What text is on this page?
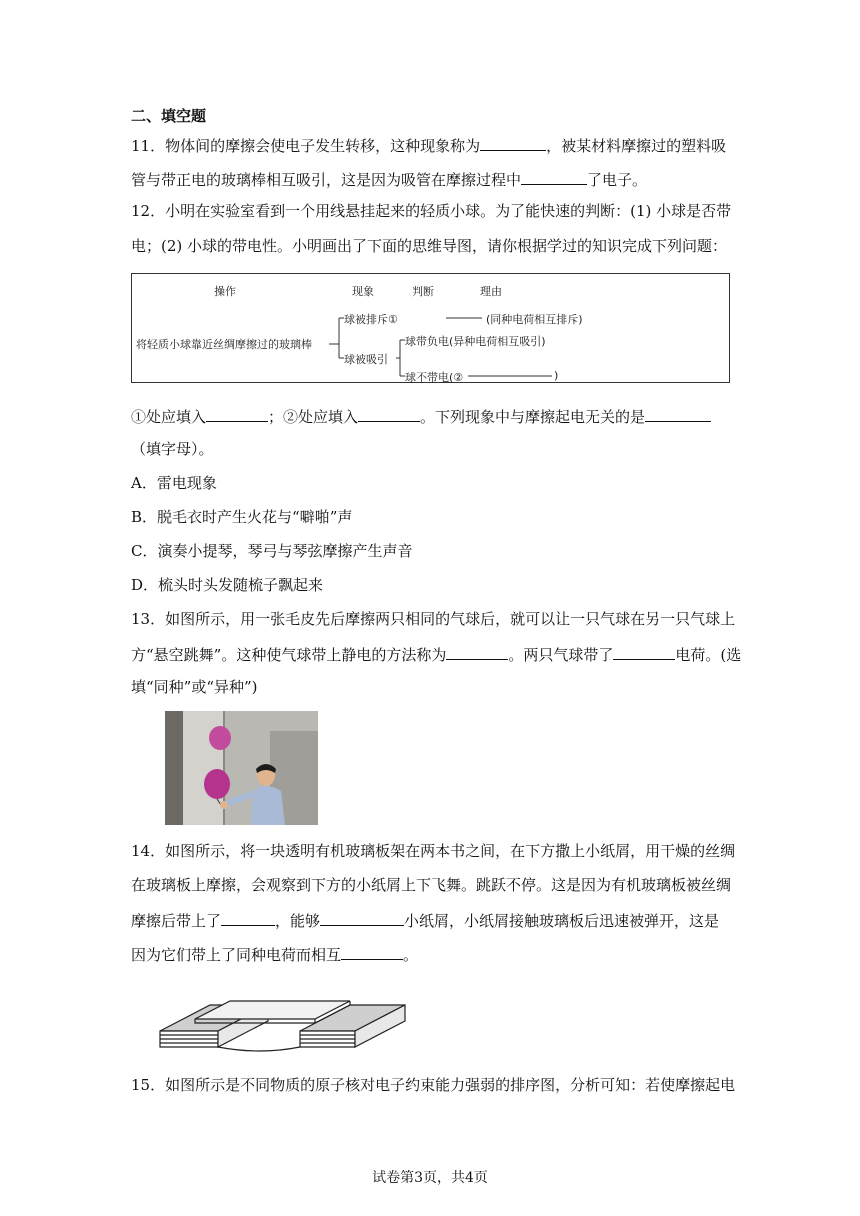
二、填空题
11．物体间的摩擦会使电子发生转移，这种现象称为	，被某材料摩擦过的塑料吸
管与带正电的玻璃棒相互吸引，这是因为吸管在摩擦过程中	了电子。
12．小明在实验室看到一个用线悬挂起来的轻质小球。为了能快速的判断：(1) 小球是否带
电；(2) 小球的带电性。小明画出了下面的思维导图，请你根据学过的知识完成下列问题：
操作	现象	判断	理由
将轻质小球靠近丝绸摩擦过的玻璃棒
球被排斥①	(同种电荷相互排斥)
球被吸引
球带负电(异种电荷相互吸引)
球不带电(②	)
①处应填入	；②处应填入	。下列现象中与摩擦起电无关的是
（填字母）。
A．雷电现象
B．脱毛衣时产生火花与“噼啪”声
C．演奏小提琴，琴弓与琴弦摩擦产生声音
D．梳头时头发随梳子飘起来
13．如图所示，用一张毛皮先后摩擦两只相同的气球后，就可以让一只气球在另一只气球上
方“悬空跳舞”。这种使气球带上静电的方法称为	。两只气球带了	电荷。(选
填“同种”或“异种”)
14．如图所示，将一块透明有机玻璃板架在两本书之间，在下方撒上小纸屑，用干燥的丝绸
在玻璃板上摩擦，会观察到下方的小纸屑上下飞舞。跳跃不停。这是因为有机玻璃板被丝绸
摩擦后带上了	，能够	小纸屑，小纸屑接触玻璃板后迅速被弹开，这是
因为它们带上了同种电荷而相互	。
15．如图所示是不同物质的原子核对电子约束能力强弱的排序图，分析可知：若使摩擦起电
试卷第3页，共4页
